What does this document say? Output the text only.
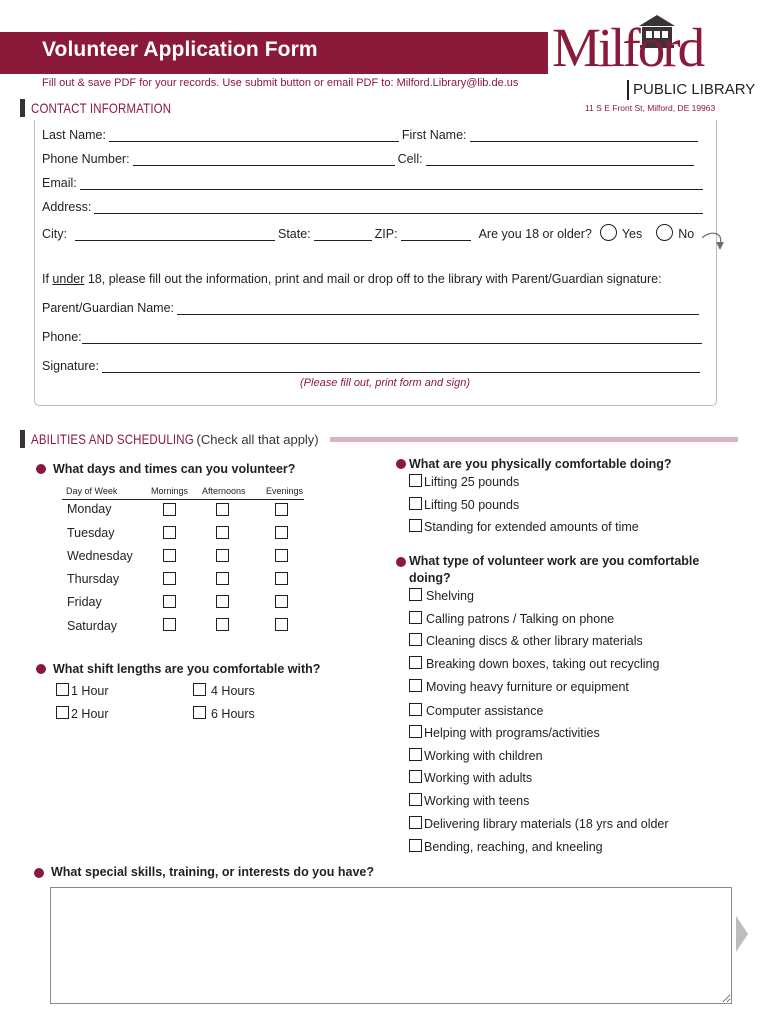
Volunteer Application Form
Fill out & save PDF for your records. Use submit button or email PDF to: Milford.Library@lib.de.us
Milford
PUBLIC LIBRARY
11 S E Front St, Milford, DE 19963
CONTACT INFORMATION
Last Name:	First Name:
Phone Number:	Cell:
Email:
Address:
City:	State:	ZIP:	Are you 18 or older? Yes	No
If under 18, please fill out the information, print and mail or drop off to the library with Parent/Guardian signature:
Parent/Guardian Name:
Phone:
Signature:
(Please fill out, print form and sign)
ABILITIES AND SCHEDULING (Check all that apply)
What days and times can you volunteer?
Day of Week	Mornings Afternoons Evenings
Monday
Tuesday
Wednesday
Thursday
Friday
Saturday
What shift lengths are you comfortable with?
1 Hour	4 Hours
2 Hour	6 Hours
What are you physically comfortable doing?
Lifting 25 pounds
Lifting 50 pounds
Standing for extended amounts of time
What type of volunteer work are you comfortable
doing?
Shelving
Calling patrons / Talking on phone
Cleaning discs & other library materials
Breaking down boxes, taking out recycling
Moving heavy furniture or equipment
Computer assistance
Helping with programs/activities
Working with children
Working with adults
Working with teens
Delivering library materials (18 yrs and older
Bending, reaching, and kneeling
What special skills, training, or interests do you have?
